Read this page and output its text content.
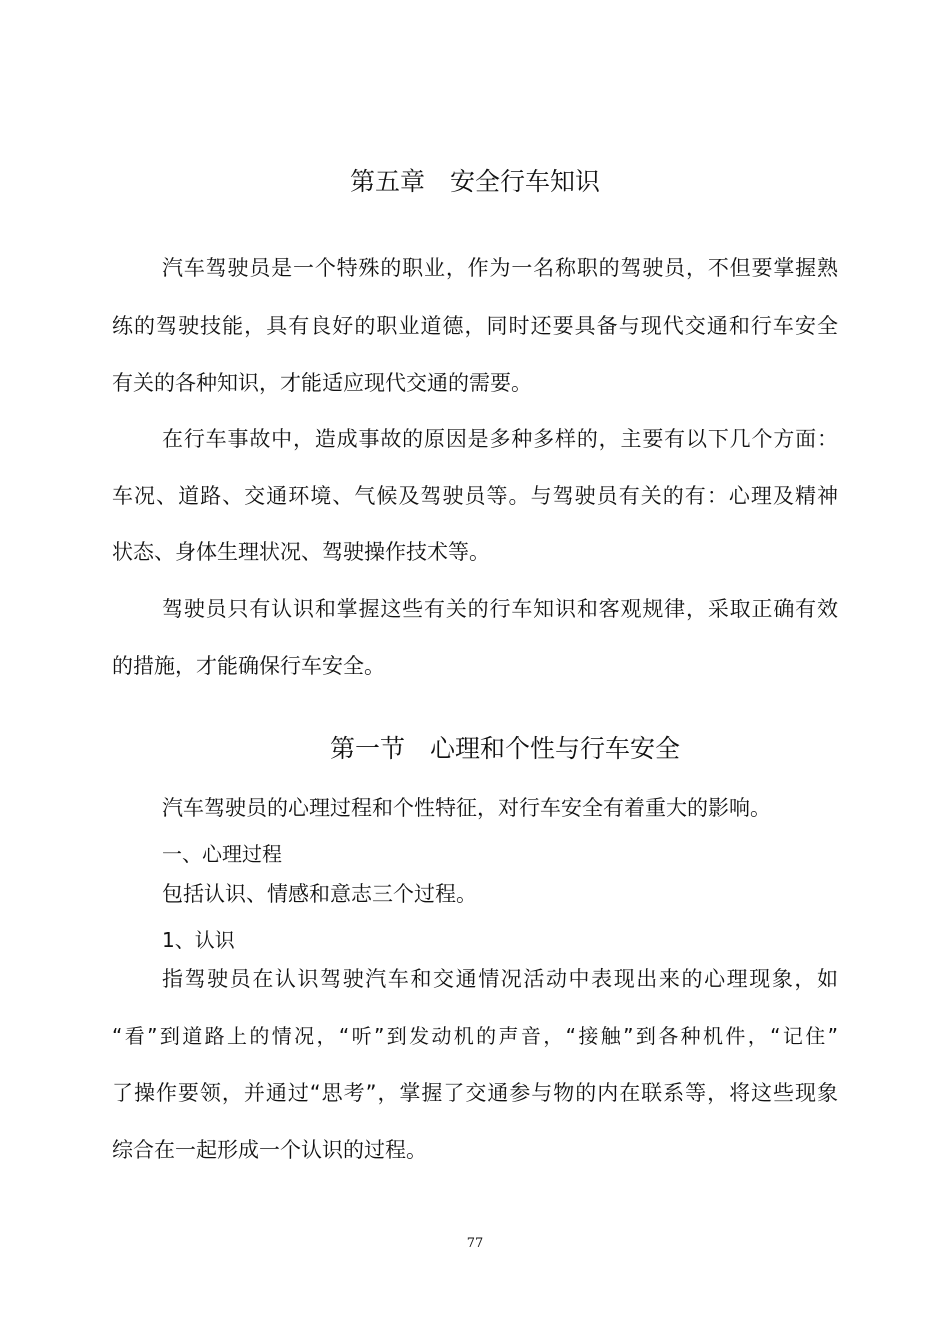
第五章　安全行车知识
汽车驾驶员是一个特殊的职业，作为一名称职的驾驶员，不但要掌握熟
练的驾驶技能，具有良好的职业道德，同时还要具备与现代交通和行车安全
有关的各种知识，才能适应现代交通的需要。
在行车事故中，造成事故的原因是多种多样的，主要有以下几个方面：
车况、道路、交通环境、气候及驾驶员等。与驾驶员有关的有：心理及精神
状态、身体生理状况、驾驶操作技术等。
驾驶员只有认识和掌握这些有关的行车知识和客观规律，采取正确有效
的措施，才能确保行车安全。
第一节　心理和个性与行车安全
汽车驾驶员的心理过程和个性特征，对行车安全有着重大的影响。
一、心理过程
包括认识、情感和意志三个过程。
1、认识
指驾驶员在认识驾驶汽车和交通情况活动中表现出来的心理现象，如
“看”到道路上的情况，“听”到发动机的声音，“接触”到各种机件，“记住”
了操作要领，并通过“思考”，掌握了交通参与物的内在联系等，将这些现象
综合在一起形成一个认识的过程。
77
